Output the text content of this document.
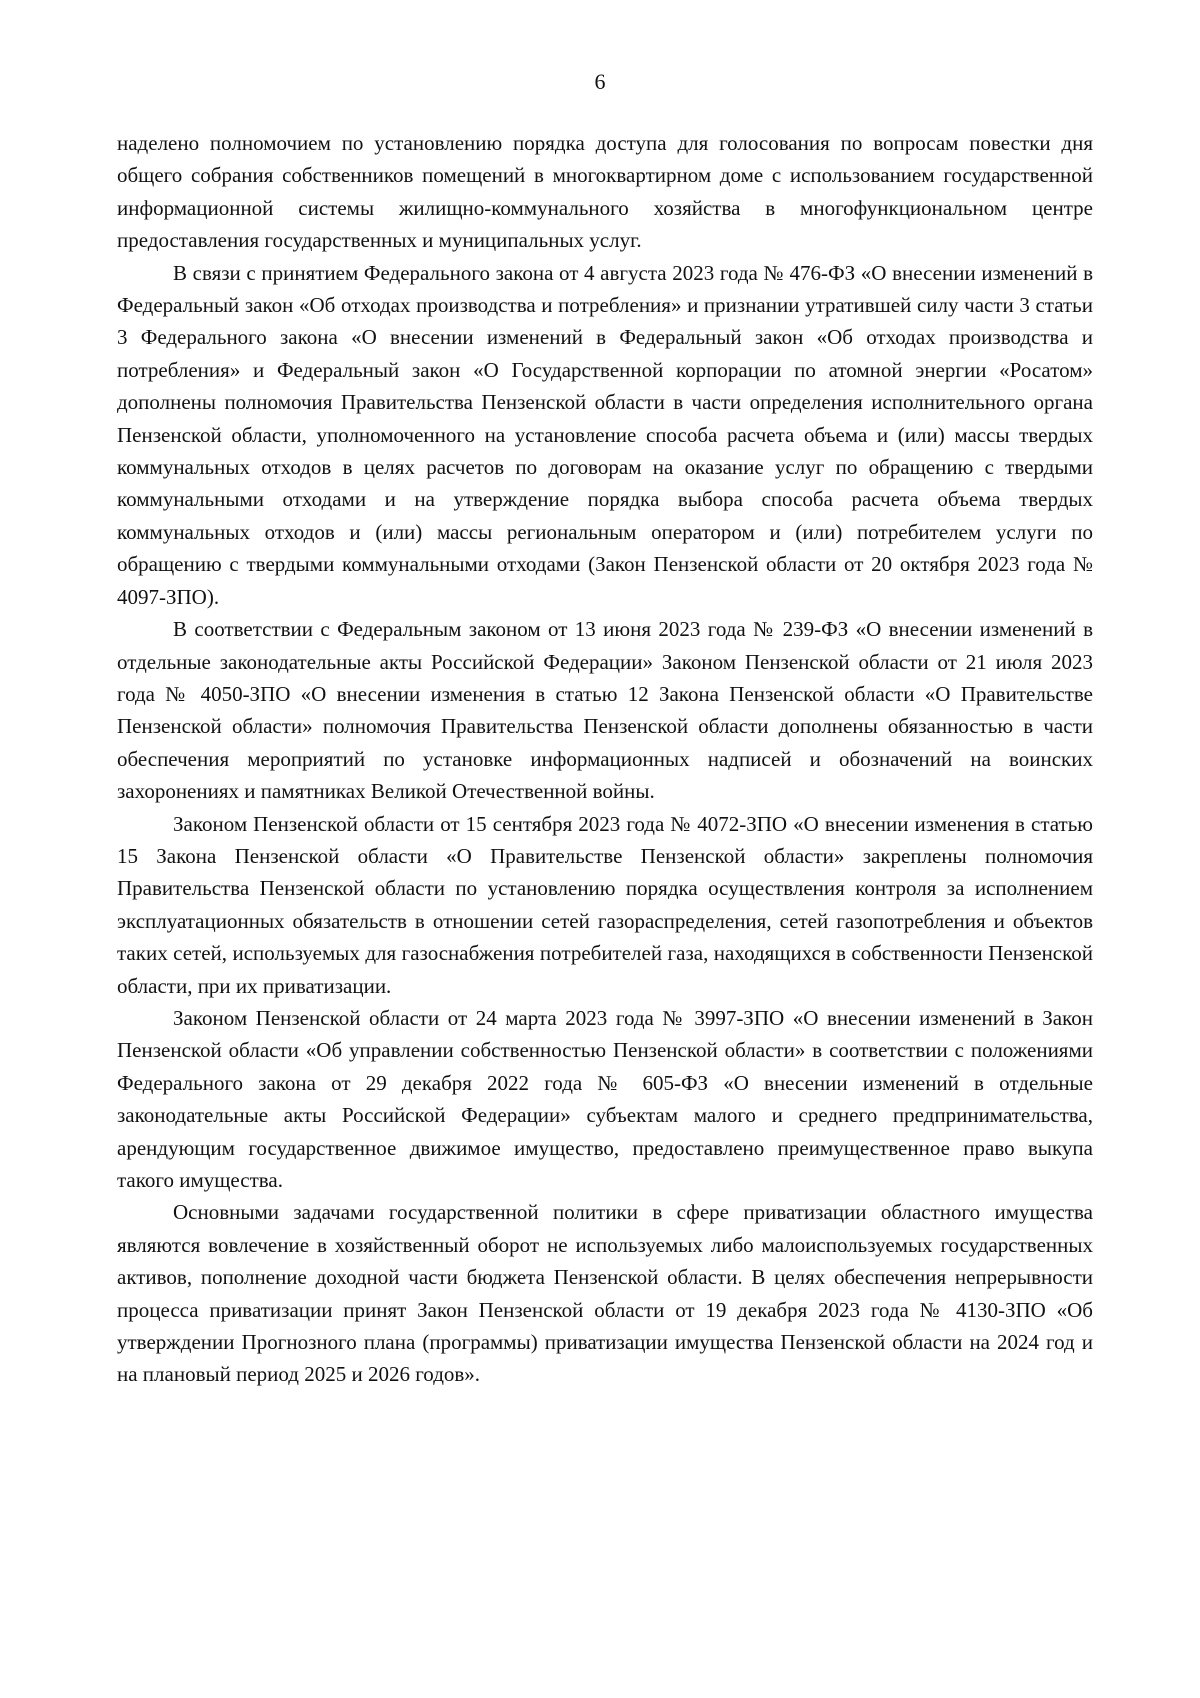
6

наделено полномочием по установлению порядка доступа для голосования по вопросам повестки дня общего собрания собственников помещений в многоквартирном доме с использованием государственной информационной системы жилищно-коммунального хозяйства в многофункциональном центре предоставления государственных и муниципальных услуг.

В связи с принятием Федерального закона от 4 августа 2023 года № 476-ФЗ «О внесении изменений в Федеральный закон «Об отходах производства и потребления» и признании утратившей силу части 3 статьи 3 Федерального закона «О внесении изменений в Федеральный закон «Об отходах производства и потребления» и Федеральный закон «О Государственной корпорации по атомной энергии «Росатом» дополнены полномочия Правительства Пензенской области в части определения исполнительного органа Пензенской области, уполномоченного на установление способа расчета объема и (или) массы твердых коммунальных отходов в целях расчетов по договорам на оказание услуг по обращению с твердыми коммунальными отходами и на утверждение порядка выбора способа расчета объема твердых коммунальных отходов и (или) массы региональным оператором и (или) потребителем услуги по обращению с твердыми коммунальными отходами (Закон Пензенской области от 20 октября 2023 года № 4097-ЗПО).

В соответствии с Федеральным законом от 13 июня 2023 года № 239-ФЗ «О внесении изменений в отдельные законодательные акты Российской Федерации» Законом Пензенской области от 21 июля 2023 года № 4050-ЗПО «О внесении изменения в статью 12 Закона Пензенской области «О Правительстве Пензенской области» полномочия Правительства Пензенской области дополнены обязанностью в части обеспечения мероприятий по установке информационных надписей и обозначений на воинских захоронениях и памятниках Великой Отечественной войны.

Законом Пензенской области от 15 сентября 2023 года № 4072-ЗПО «О внесении изменения в статью 15 Закона Пензенской области «О Правительстве Пензенской области» закреплены полномочия Правительства Пензенской области по установлению порядка осуществления контроля за исполнением эксплуатационных обязательств в отношении сетей газораспределения, сетей газопотребления и объектов таких сетей, используемых для газоснабжения потребителей газа, находящихся в собственности Пензенской области, при их приватизации.

Законом Пензенской области от 24 марта 2023 года № 3997-ЗПО «О внесении изменений в Закон Пензенской области «Об управлении собственностью Пензенской области» в соответствии с положениями Федерального закона от 29 декабря 2022 года № 605-ФЗ «О внесении изменений в отдельные законодательные акты Российской Федерации» субъектам малого и среднего предпринимательства, арендующим государственное движимое имущество, предоставлено преимущественное право выкупа такого имущества.

Основными задачами государственной политики в сфере приватизации областного имущества являются вовлечение в хозяйственный оборот не используемых либо малоиспользуемых государственных активов, пополнение доходной части бюджета Пензенской области. В целях обеспечения непрерывности процесса приватизации принят Закон Пензенской области от 19 декабря 2023 года № 4130-ЗПО «Об утверждении Прогнозного плана (программы) приватизации имущества Пензенской области на 2024 год и на плановый период 2025 и 2026 годов».
